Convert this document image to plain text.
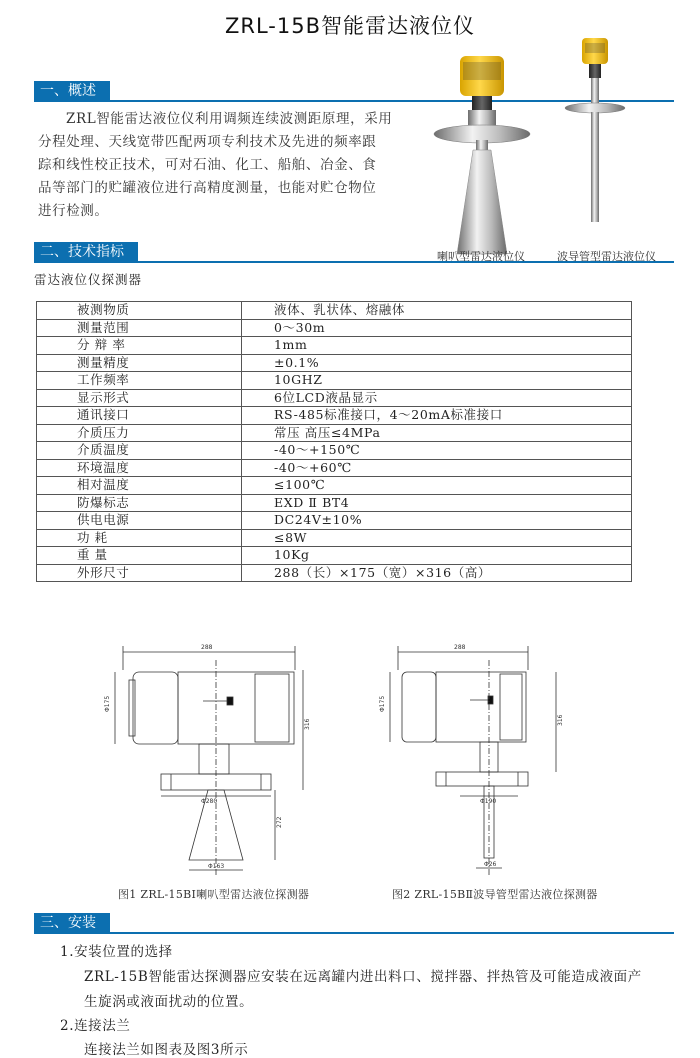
ZRL-15B智能雷达液位仪
一、概述
ZRL智能雷达液位仪利用调频连续波测距原理，采用
分程处理、天线宽带匹配两项专利技术及先进的频率跟
踪和线性校正技术，可对石油、化工、船舶、冶金、食
品等部门的贮罐液位进行高精度测量，也能对贮仓物位
进行检测。
喇叭型雷达液位仪	波导管型雷达液位仪
二、技术指标
雷达液位仪探测器
被测物质	液体、乳状体、熔融体
测量范围	0～30m
分 辩 率	1mm
测量精度	±0.1%
工作频率	10GHZ
显示形式	6位LCD液晶显示
通讯接口	RS-485标准接口，4～20mA标准接口
介质压力	常压 高压≤4MPa
介质温度	-40～+150℃
环境温度	-40～+60℃
相对温度	≤100℃
防爆标志	EXD Ⅱ BT4
供电电源	DC24V±10%
功 耗	≤8W
重 量	10Kg
外形尺寸	288（长）×175（宽）×316（高）
288
Φ175
Φ280
Φ163
316
272
图1 ZRL-15BⅠ喇叭型雷达液位探测器
288
Φ175
Φ190
Φ26
316
图2 ZRL-15BⅡ波导管型雷达液位探测器
三、安装
1.安装位置的选择
ZRL-15B智能雷达探测器应安装在远离罐内进出料口、搅拌器、拌热管及可能造成液面产
生旋涡或液面扰动的位置。
2.连接法兰
连接法兰如图表及图3所示
